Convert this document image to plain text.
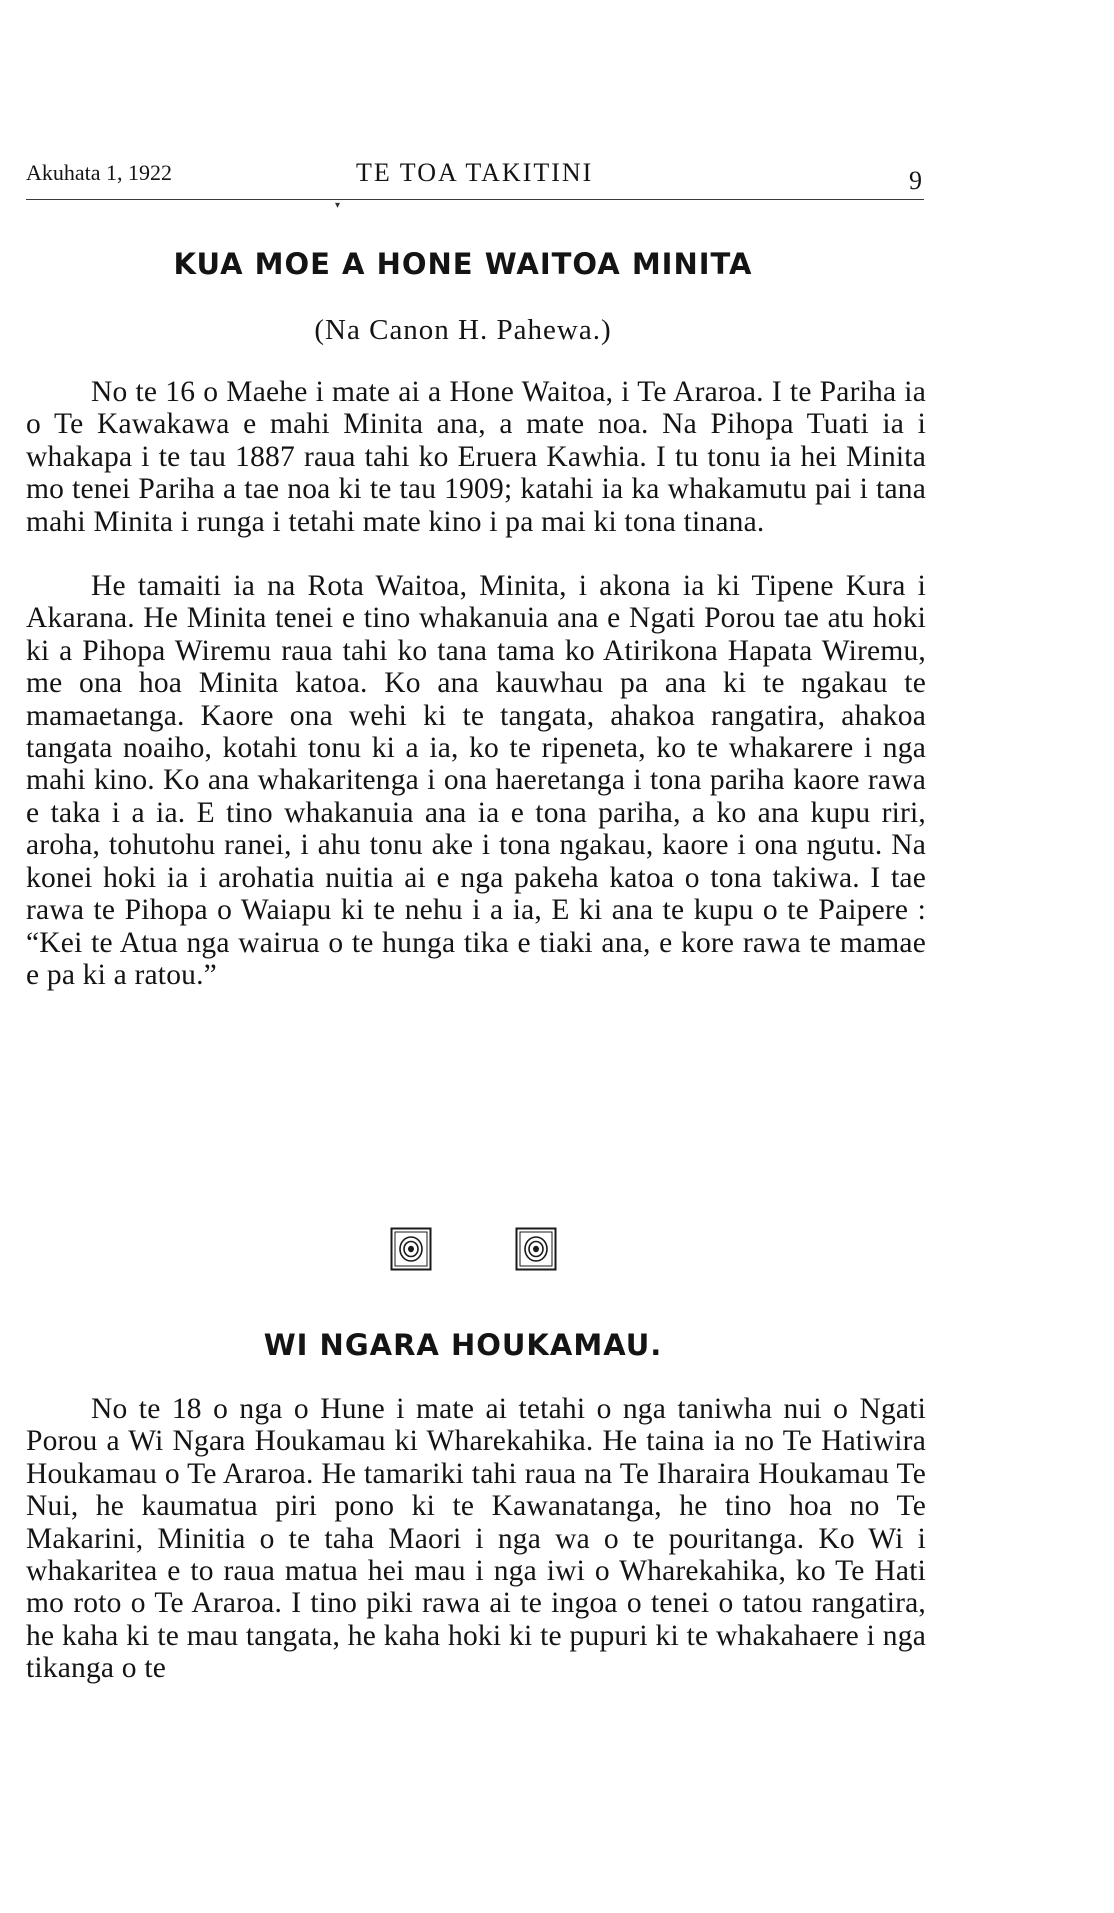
Akuhata 1, 1922	TE TOA TAKITINI	9
▾
KUA MOE A HONE WAITOA MINITA
(Na Canon H. Pahewa.)

No te 16 o Maehe i mate ai a Hone Waitoa, i Te Araroa. I te Pariha ia o Te Kawakawa e mahi Minita ana, a mate noa. Na Pihopa Tuati ia i whakapa i te tau 1887 raua tahi ko Eruera Kawhia. I tu tonu ia hei Minita mo tenei Pariha a tae noa ki te tau 1909; katahi ia ka whakamutu pai i tana mahi Minita i runga i tetahi mate kino i pa mai ki tona tinana.

He tamaiti ia na Rota Waitoa, Minita, i akona ia ki Tipene Kura i Akarana. He Minita tenei e tino whakanuia ana e Ngati Porou tae atu hoki ki a Pihopa Wiremu raua tahi ko tana tama ko Atirikona Hapata Wiremu, me ona hoa Minita katoa. Ko ana kauwhau pa ana ki te ngakau te mamaetanga. Kaore ona wehi ki te tangata, ahakoa rangatira, ahakoa tangata noaiho, kotahi tonu ki a ia, ko te ripeneta, ko te whakarere i nga mahi kino. Ko ana whakaritenga i ona haeretanga i tona pariha kaore rawa e taka i a ia. E tino whakanuia ana ia e tona pariha, a ko ana kupu riri, aroha, tohutohu ranei, i ahu tonu ake i tona ngakau, kaore i ona ngutu. Na konei hoki ia i arohatia nuitia ai e nga pakeha katoa o tona takiwa. I tae rawa te Pihopa o Waiapu ki te nehu i a ia, E ki ana te kupu o te Paipere : “Kei te Atua nga wairua o te hunga tika e tiaki ana, e kore rawa te mamae e pa ki a ratou.”

WI NGARA HOUKAMAU.

No te 18 o nga o Hune i mate ai tetahi o nga taniwha nui o Ngati Porou a Wi Ngara Houkamau ki Wharekahika. He taina ia no Te Hatiwira Houkamau o Te Araroa. He tamariki tahi raua na Te Iharaira Houkamau Te Nui, he kaumatua piri pono ki te Kawanatanga, he tino hoa no Te Makarini, Minitia o te taha Maori i nga wa o te pouritanga. Ko Wi i whakaritea e to raua matua hei mau i nga iwi o Wharekahika, ko Te Hati mo roto o Te Araroa. I tino piki rawa ai te ingoa o tenei o tatou rangatira, he kaha ki te mau tangata, he kaha hoki ki te pupuri ki te whakahaere i nga tikanga o te
